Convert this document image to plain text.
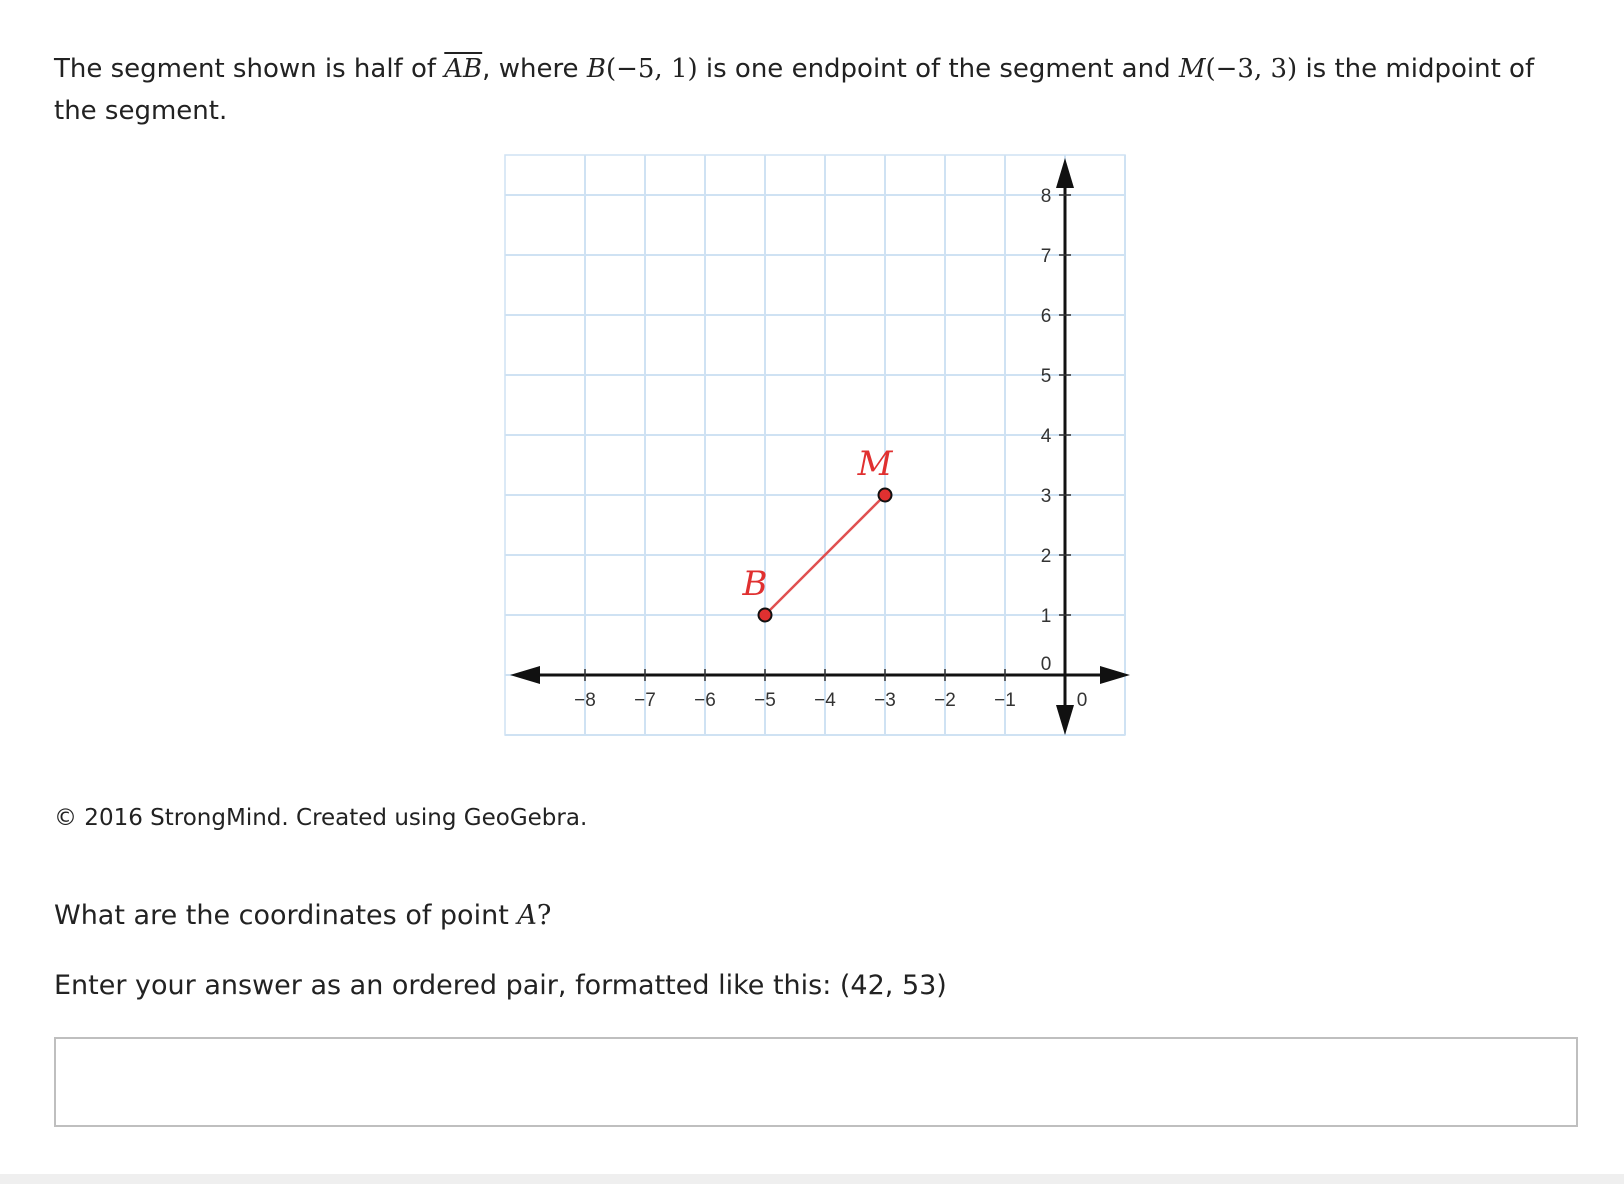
The segment shown is half of $\overline{AB}$, where B(−5, 1) is one endpoint of the segment and M(−3, 3) is the midpoint of the segment.

−8 −7 −6 −5 −4 −3 −2 −1	0
8
7
6
5
4
3
2
1
0
B
M

© 2016 StrongMind. Created using GeoGebra.

What are the coordinates of point A?

Enter your answer as an ordered pair, formatted like this: (42, 53)
